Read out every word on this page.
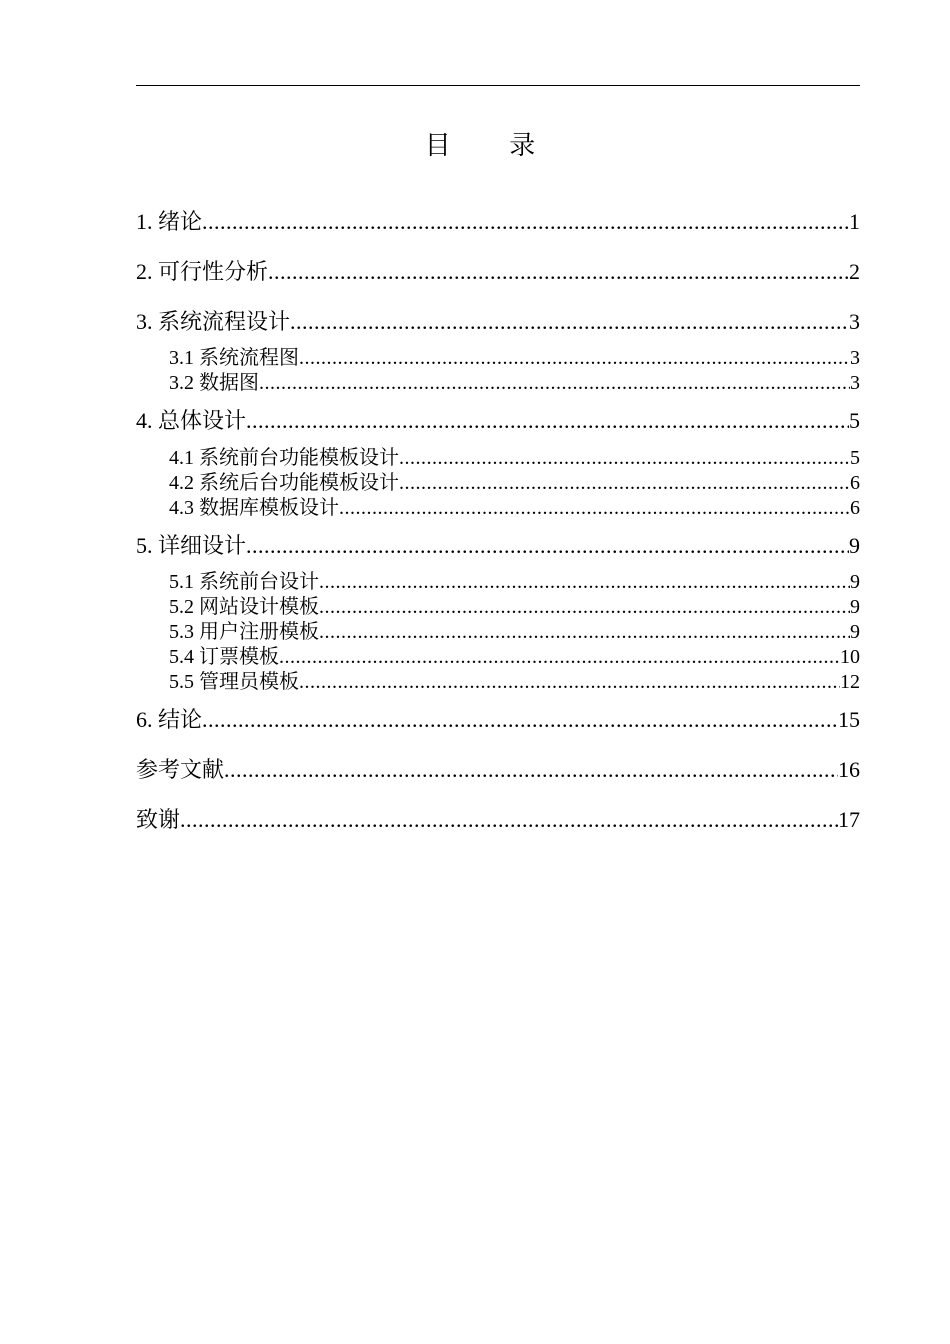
目 录
1. 绪论 .....	1
2. 可行性分析 .....	2
3. 系统流程设计 .....	3
3.1 系统流程图 .....	3
3.2 数据图 .....	3
4. 总体设计 .....	5
4.1 系统前台功能模板设计 .....	5
4.2 系统后台功能模板设计 .....	6
4.3 数据库模板设计 .....	6
5. 详细设计 .....	9
5.1 系统前台设计 .....	9
5.2 网站设计模板 .....	9
5.3 用户注册模板 .....	9
5.4 订票模板 .....	10
5.5 管理员模板 .....	12
6. 结论 .....	15
参考文献 .....	16
致谢 .....	17
